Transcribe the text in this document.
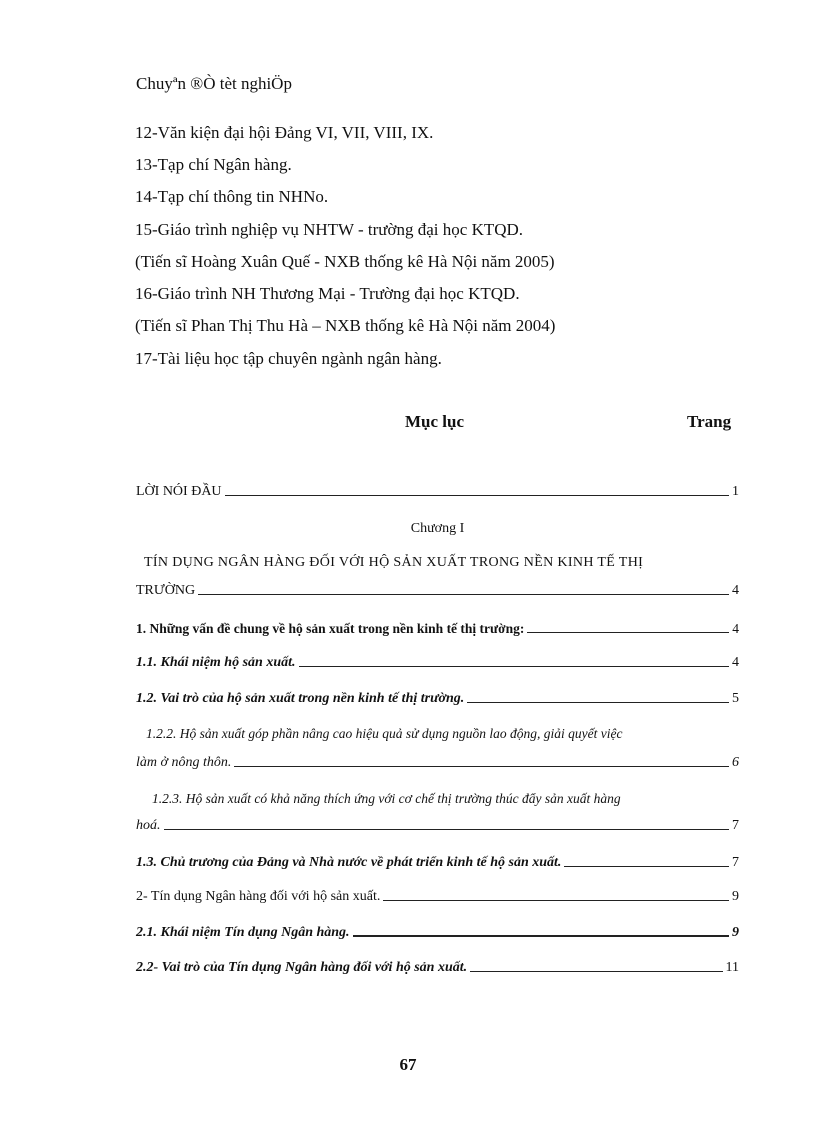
Chuyªn ®Ò tèt nghiÖp
12-Văn kiện đại hội Đảng VI, VII, VIII, IX.
13-Tạp chí Ngân hàng.
14-Tạp chí thông tin NHNo.
15-Giáo trình nghiệp vụ NHTW - trường đại học KTQD.
(Tiến sĩ Hoàng Xuân Quế - NXB thống kê Hà Nội năm 2005)
16-Giáo trình NH Thương Mại - Trường đại học KTQD.
(Tiến sĩ Phan Thị Thu Hà – NXB thống kê Hà Nội năm 2004)
17-Tài liệu học tập chuyên ngành ngân hàng.
Mục lục	Trang
LỜI NÓI ĐẦU	1
Chương I
TÍN DỤNG NGÂN HÀNG ĐỐI VỚI HỘ SẢN XUẤT TRONG NỀN KINH TẾ THỊ
TRƯỜNG	4
1. Những vấn đề chung về hộ sản xuất trong nền kinh tế thị trường:	4
1.1. Khái niệm hộ sản xuất.	4
1.2. Vai trò của hộ sản xuất trong nền kinh tế thị trường.	5
1.2.2. Hộ sản xuất góp phần nâng cao hiệu quả sử dụng nguồn lao động, giải quyết việc
làm ở nông thôn.	6
1.2.3. Hộ sản xuất có khả năng thích ứng với cơ chế thị trường thúc đẩy sản xuất hàng
hoá.	7
1.3. Chủ trương của Đảng và Nhà nước về phát triển kinh tế hộ sản xuất.	7
2- Tín dụng Ngân hàng đối với hộ sản xuất.	9
2.1. Khái niệm Tín dụng Ngân hàng.	9
2.2- Vai trò của Tín dụng Ngân hàng đối với hộ sản xuất.	11
67
